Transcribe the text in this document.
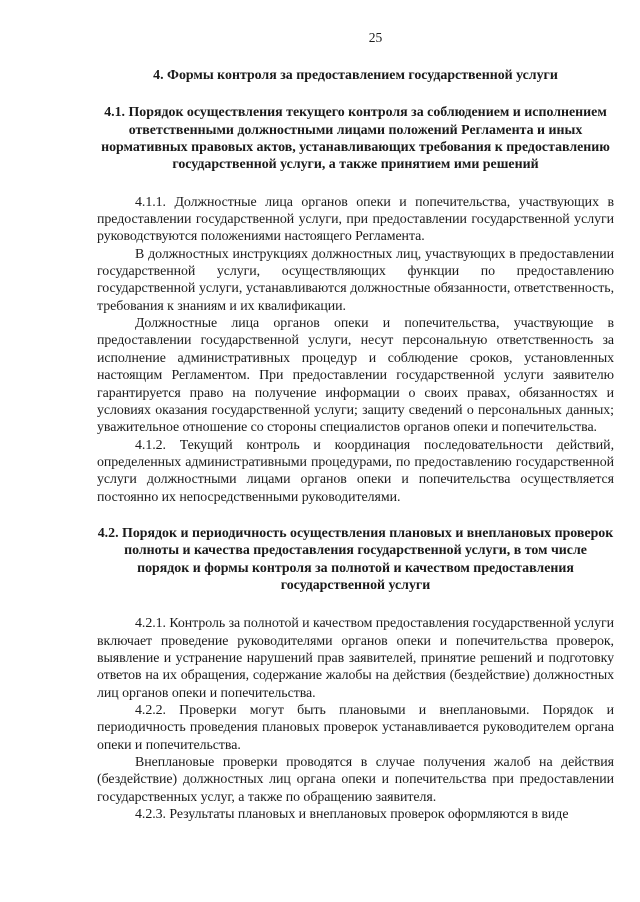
25

4. Формы контроля за предоставлением государственной услуги

4.1. Порядок осуществления текущего контроля за соблюдением и исполнением ответственными должностными лицами положений Регламента и иных нормативных правовых актов, устанавливающих требования к предоставлению государственной услуги, а также принятием ими решений

4.1.1. Должностные лица органов опеки и попечительства, участвующих в предоставлении государственной услуги, при предоставлении государственной услуги руководствуются положениями настоящего Регламента.

В должностных инструкциях должностных лиц, участвующих в предоставлении государственной услуги, осуществляющих функции по предоставлению государственной услуги, устанавливаются должностные обязанности, ответственность, требования к знаниям и их квалификации.

Должностные лица органов опеки и попечительства, участвующие в предоставлении государственной услуги, несут персональную ответственность за исполнение административных процедур и соблюдение сроков, установленных настоящим Регламентом. При предоставлении государственной услуги заявителю гарантируется право на получение информации о своих правах, обязанностях и условиях оказания государственной услуги; защиту сведений о персональных данных; уважительное отношение со стороны специалистов органов опеки и попечительства.

4.1.2. Текущий контроль и координация последовательности действий, определенных административными процедурами, по предоставлению государственной услуги должностными лицами органов опеки и попечительства осуществляется постоянно их непосредственными руководителями.

4.2. Порядок и периодичность осуществления плановых и внеплановых проверок полноты и качества предоставления государственной услуги, в том числе порядок и формы контроля за полнотой и качеством предоставления государственной услуги

4.2.1. Контроль за полнотой и качеством предоставления государственной услуги включает проведение руководителями органов опеки и попечительства проверок, выявление и устранение нарушений прав заявителей, принятие решений и подготовку ответов на их обращения, содержание жалобы на действия (бездействие) должностных лиц органов опеки и попечительства.

4.2.2. Проверки могут быть плановыми и внеплановыми. Порядок и периодичность проведения плановых проверок устанавливается руководителем органа опеки и попечительства.

Внеплановые проверки проводятся в случае получения жалоб на действия (бездействие) должностных лиц органа опеки и попечительства при предоставлении государственных услуг, а также по обращению заявителя.

4.2.3. Результаты плановых и внеплановых проверок оформляются в виде
